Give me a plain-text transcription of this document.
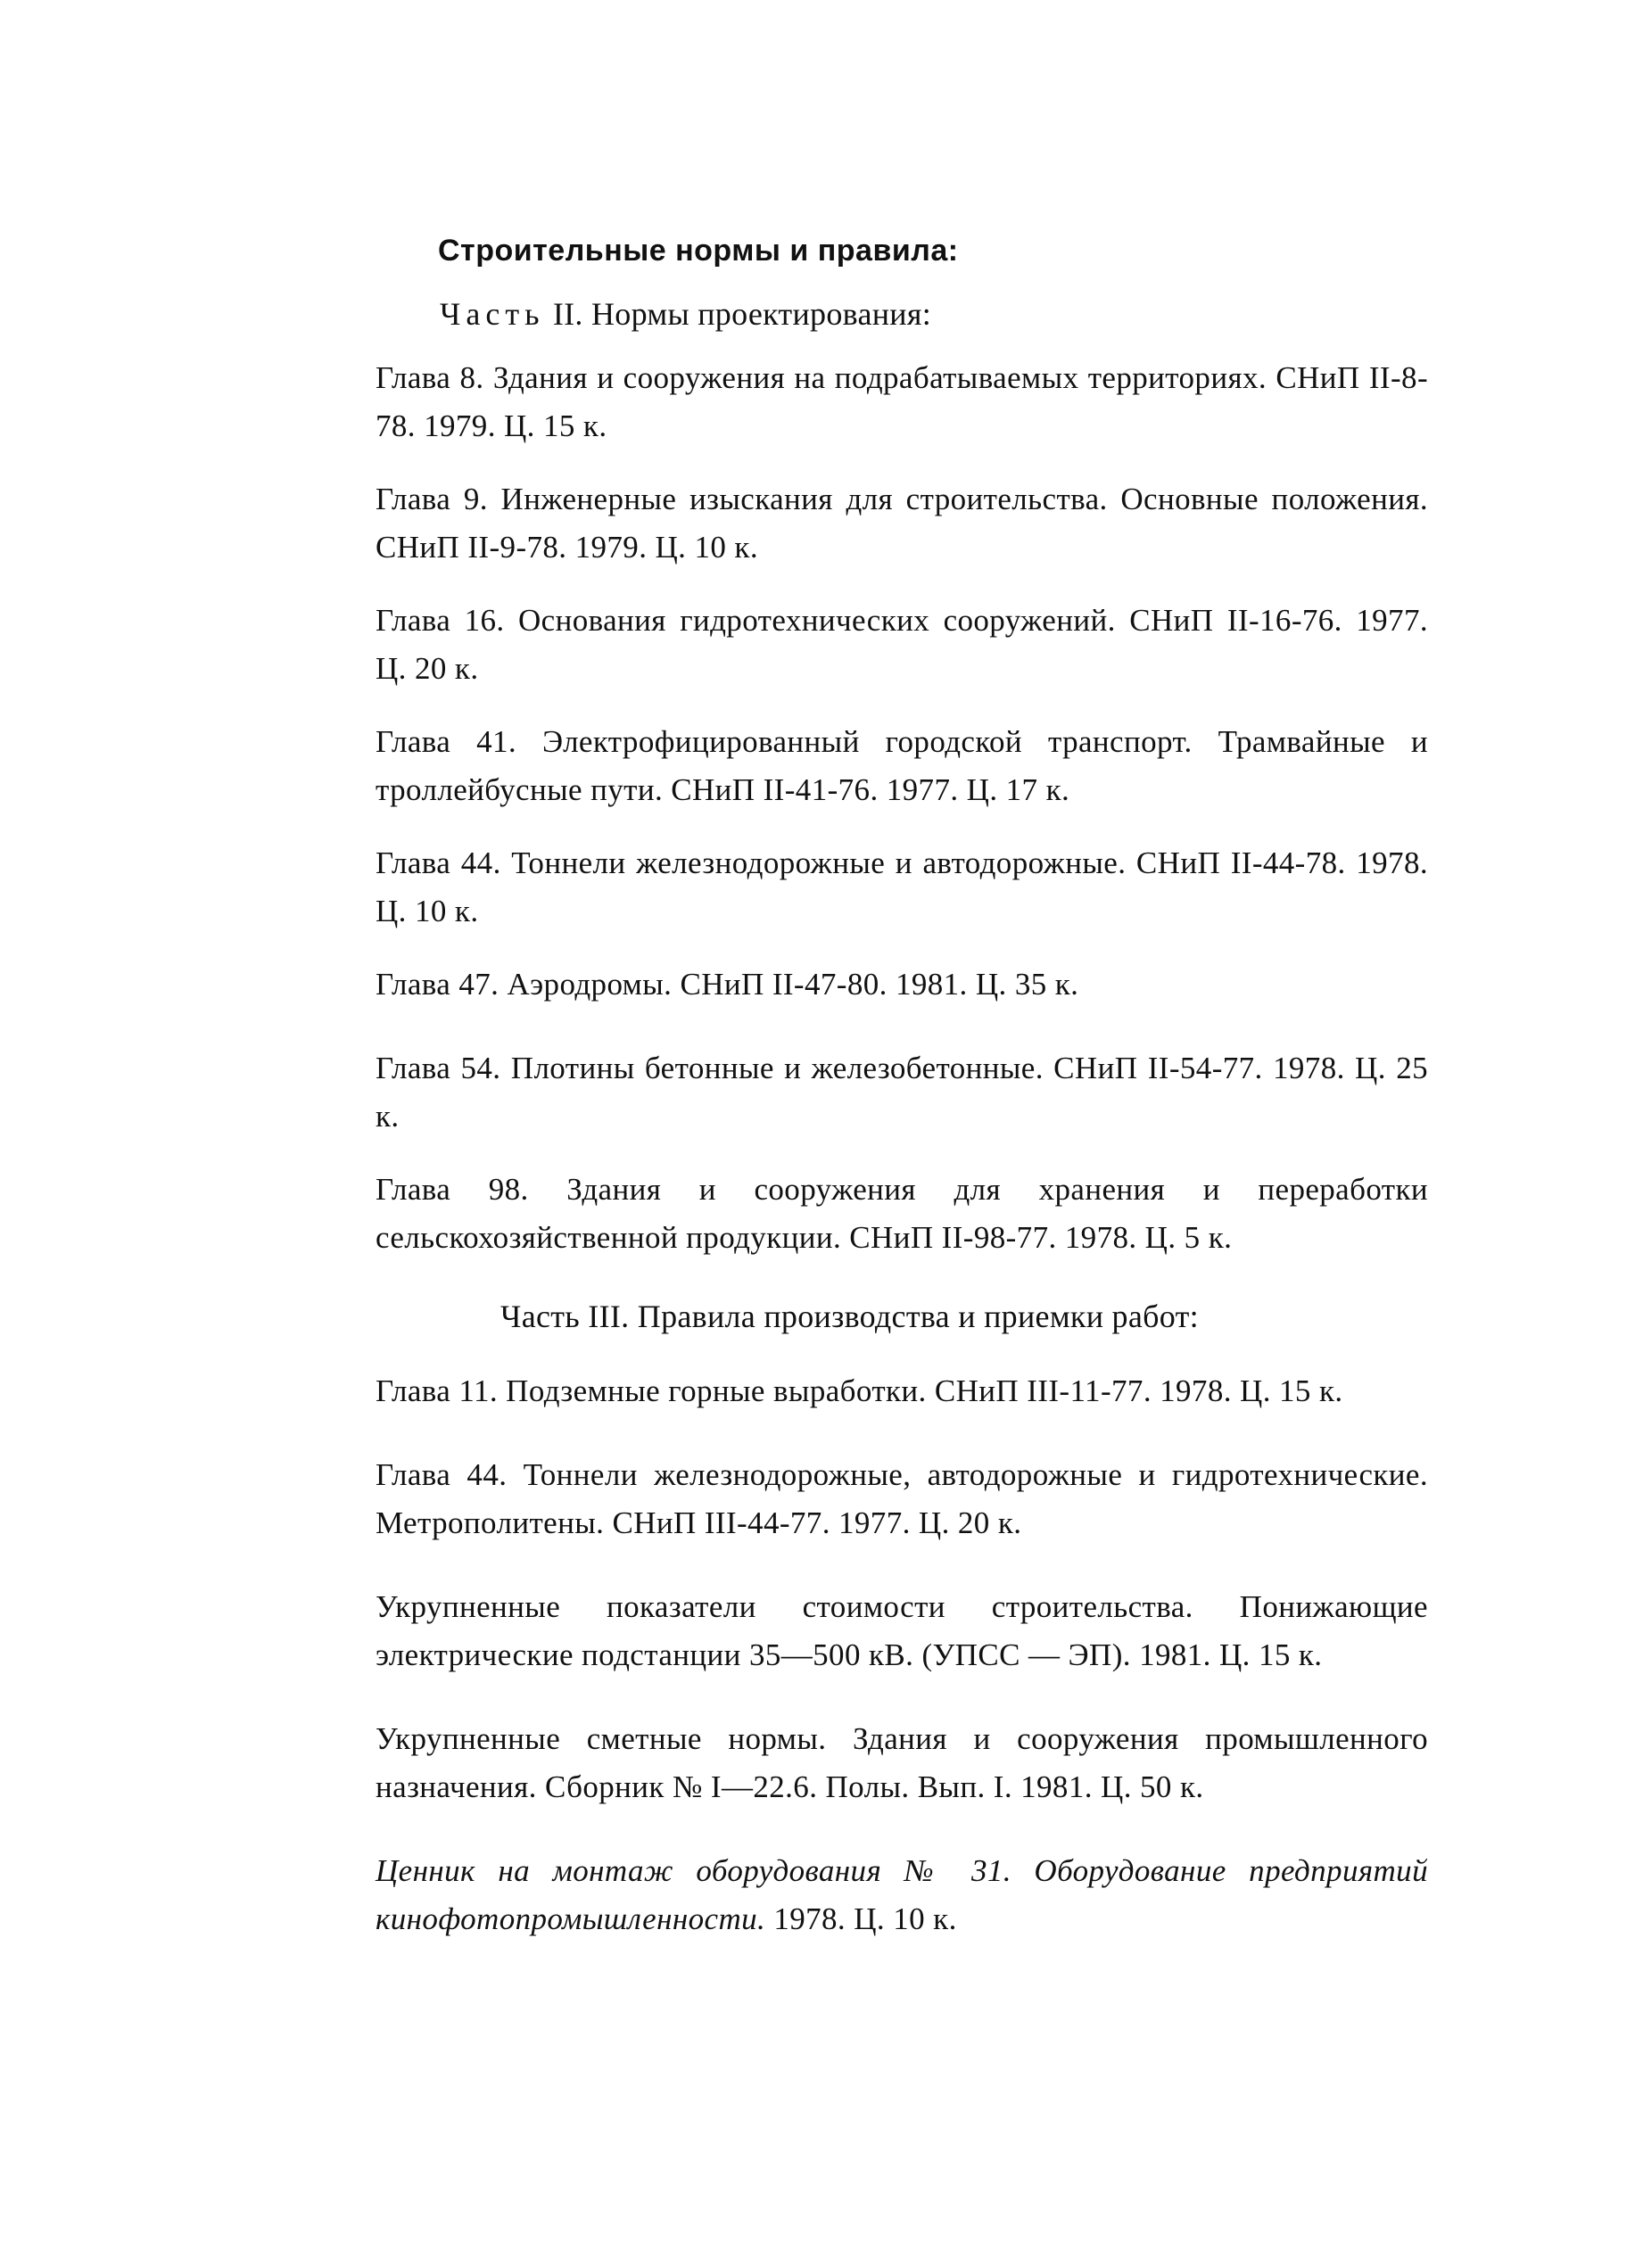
Строительные нормы и правила:
Часть II. Нормы проектирования:
Глава 8. Здания и сооружения на подрабатываемых территориях. СНиП II-8-78. 1979. Ц. 15 к.
Глава 9. Инженерные изыскания для строительства. Основные положения. СНиП II-9-78. 1979. Ц. 10 к.
Глава 16. Основания гидротехнических сооружений. СНиП II-16-76. 1977. Ц. 20 к.
Глава 41. Электрофицированный городской транспорт. Трамвайные и троллейбусные пути. СНиП II-41-76. 1977. Ц. 17 к.
Глава 44. Тоннели железнодорожные и автодорожные. СНиП II-44-78. 1978. Ц. 10 к.
Глава 47. Аэродромы. СНиП II-47-80. 1981. Ц. 35 к.
Глава 54. Плотины бетонные и железобетонные. СНиП II-54-77. 1978. Ц. 25 к.
Глава 98. Здания и сооружения для хранения и переработки сельскохозяйственной продукции. СНиП II-98-77. 1978. Ц. 5 к.
Часть III. Правила производства и приемки работ:
Глава 11. Подземные горные выработки. СНиП III-11-77. 1978. Ц. 15 к.
Глава 44. Тоннели железнодорожные, автодорожные и гидротехнические. Метрополитены. СНиП III-44-77. 1977. Ц. 20 к.
Укрупненные показатели стоимости строительства. Понижающие электрические подстанции 35—500 кВ. (УПСС — ЭП). 1981. Ц. 15 к.
Укрупненные сметные нормы. Здания и сооружения промышленного назначения. Сборник № I—22.6. Полы. Вып. I. 1981. Ц. 50 к.
Ценник на монтаж оборудования № 31. Оборудование предприятий кинофотопромышленности. 1978. Ц. 10 к.
